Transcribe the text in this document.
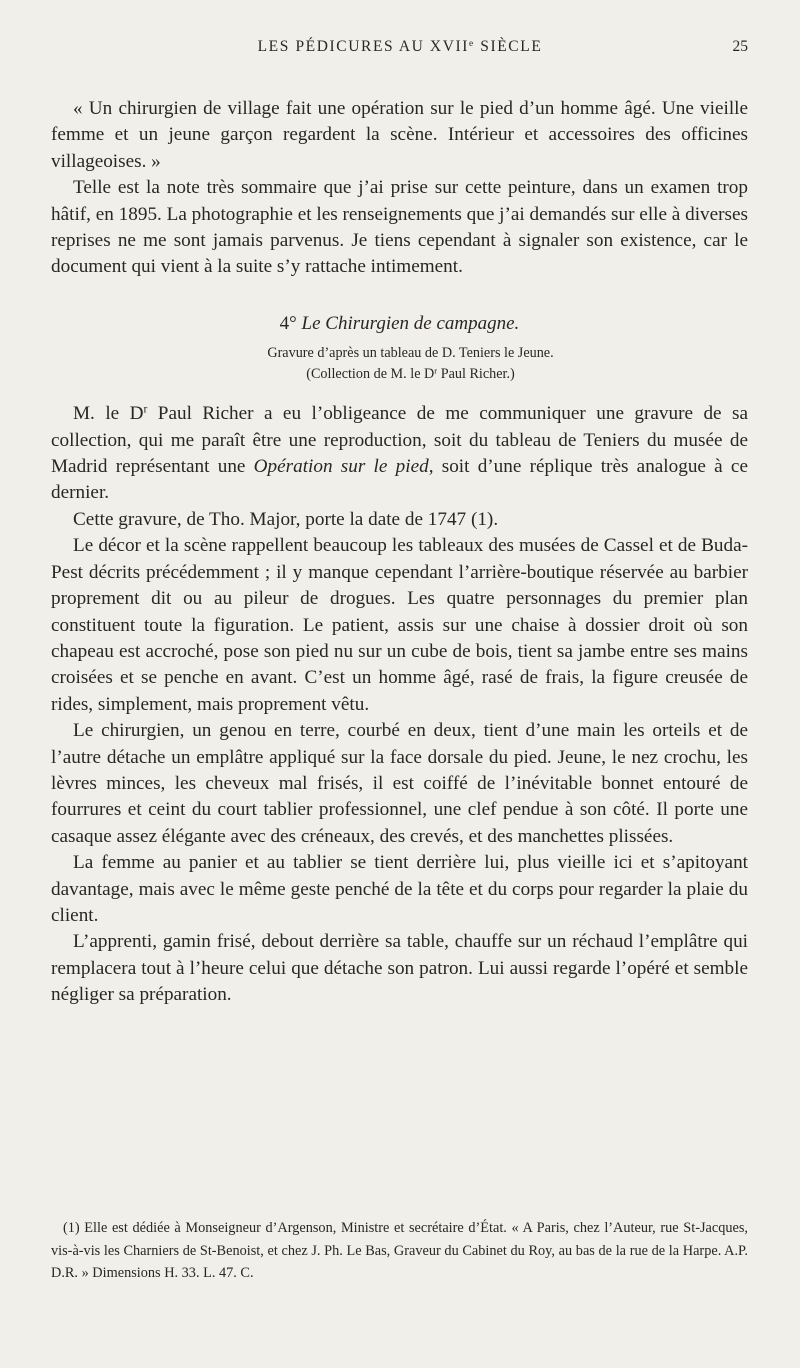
LES PÉDICURES AU XVIIe SIÈCLE	25

« Un chirurgien de village fait une opération sur le pied d’un homme âgé. Une vieille femme et un jeune garçon regardent la scène. Intérieur et accessoires des officines villageoises. »

Telle est la note très sommaire que j’ai prise sur cette peinture, dans un examen trop hâtif, en 1895. La photographie et les renseignements que j’ai demandés sur elle à diverses reprises ne me sont jamais parvenus. Je tiens cependant à signaler son existence, car le document qui vient à la suite s’y rattache intimement.

4° Le Chirurgien de campagne.

Gravure d’après un tableau de D. Teniers le Jeune.

(Collection de M. le $D^r$ Paul Richer.)

M. le $D^r$ Paul Richer a eu l’obligeance de me communiquer une gravure de sa collection, qui me paraît être une reproduction, soit du tableau de Teniers du musée de Madrid représentant une Opération sur le pied, soit d’une réplique très analogue à ce dernier.

Cette gravure, de Tho. Major, porte la date de 1747 (1).

Le décor et la scène rappellent beaucoup les tableaux des musées de Cassel et de Buda-Pest décrits précédemment ; il y manque cependant l’arrière-boutique réservée au barbier proprement dit ou au pileur de drogues. Les quatre personnages du premier plan constituent toute la figuration. Le patient, assis sur une chaise à dossier droit où son chapeau est accroché, pose son pied nu sur un cube de bois, tient sa jambe entre ses mains croisées et se penche en avant. C’est un homme âgé, rasé de frais, la figure creusée de rides, simplement, mais proprement vêtu.

Le chirurgien, un genou en terre, courbé en deux, tient d’une main les orteils et de l’autre détache un emplâtre appliqué sur la face dorsale du pied. Jeune, le nez crochu, les lèvres minces, les cheveux mal frisés, il est coiffé de l’inévitable bonnet entouré de fourrures et ceint du court tablier professionnel, une clef pendue à son côté. Il porte une casaque assez élégante avec des créneaux, des crevés, et des manchettes plissées.

La femme au panier et au tablier se tient derrière lui, plus vieille ici et s’apitoyant davantage, mais avec le même geste penché de la tête et du corps pour regarder la plaie du client.

L’apprenti, gamin frisé, debout derrière sa table, chauffe sur un réchaud l’emplâtre qui remplacera tout à l’heure celui que détache son patron. Lui aussi regarde l’opéré et semble négliger sa préparation.

(1) Elle est dédiée à Monseigneur d’Argenson, Ministre et secrétaire d’État. « A Paris, chez l’Auteur, rue St-Jacques, vis-à-vis les Charniers de St-Benoist, et chez J. Ph. Le Bas, Graveur du Cabinet du Roy, au bas de la rue de la Harpe. A.P. D.R. » Dimensions H. 33. L. 47. C.
